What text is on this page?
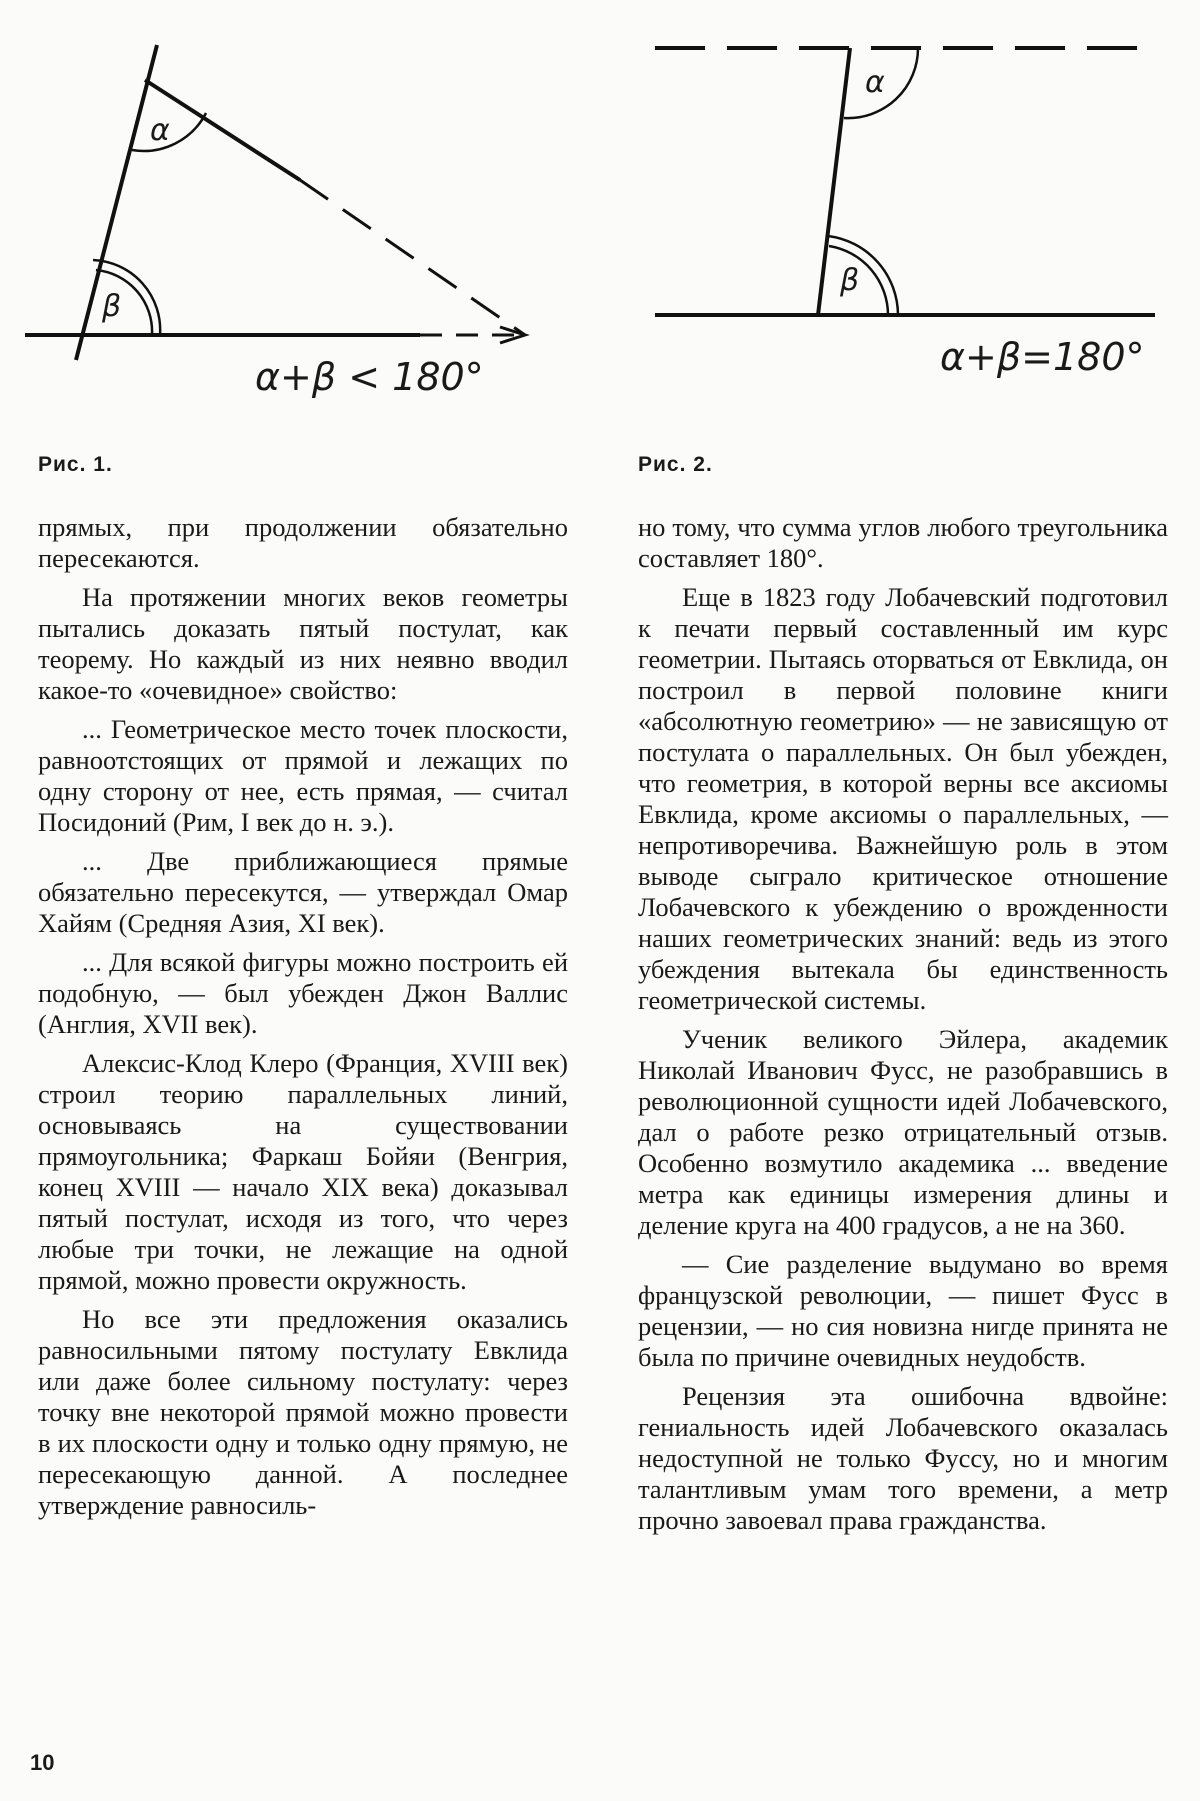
α
β
α+β < 180°
Рис. 1.
α
β
α+β=180°
Рис. 2.

прямых, при продолжении обязательно пересекаются.

На протяжении многих веков геометры пытались доказать пятый постулат, как теорему. Но каждый из них неявно вводил какое-то «очевидное» свойство:

... Геометрическое место точек плоскости, равноотстоящих от прямой и лежащих по одну сторону от нее, есть прямая, — считал Посидоний (Рим, I век до н. э.).

... Две приближающиеся прямые обязательно пересекутся, — утверждал Омар Хайям (Средняя Азия, XI век).

... Для всякой фигуры можно построить ей подобную, — был убежден Джон Валлис (Англия, XVII век).

Алексис-Клод Клеро (Франция, XVIII век) строил теорию параллельных линий, основываясь на существовании прямоугольника; Фаркаш Бойяи (Венгрия, конец XVIII — начало XIX века) доказывал пятый постулат, исходя из того, что через любые три точки, не лежащие на одной прямой, можно провести окружность.

Но все эти предложения оказались равносильными пятому постулату Евклида или даже более сильному постулату: через точку вне некоторой прямой можно провести в их плоскости одну и только одну прямую, не пересекающую данной. А последнее утверждение равносиль-

но тому, что сумма углов любого треугольника составляет 180°.

Еще в 1823 году Лобачевский подготовил к печати первый составленный им курс геометрии. Пытаясь оторваться от Евклида, он построил в первой половине книги «абсолютную геометрию» — не зависящую от постулата о параллельных. Он был убежден, что геометрия, в которой верны все аксиомы Евклида, кроме аксиомы о параллельных, — непротиворечива. Важнейшую роль в этом выводе сыграло критическое отношение Лобачевского к убеждению о врожденности наших геометрических знаний: ведь из этого убеждения вытекала бы единственность геометрической системы.

Ученик великого Эйлера, академик Николай Иванович Фусс, не разобравшись в революционной сущности идей Лобачевского, дал о работе резко отрицательный отзыв. Особенно возмутило академика ... введение метра как единицы измерения длины и деление круга на 400 градусов, а не на 360.

— Сие разделение выдумано во время французской революции, — пишет Фусс в рецензии, — но сия новизна нигде принята не была по причине очевидных неудобств.

Рецензия эта ошибочна вдвойне: гениальность идей Лобачевского оказалась недоступной не только Фуссу, но и многим талантливым умам того времени, а метр прочно завоевал права гражданства.

10
